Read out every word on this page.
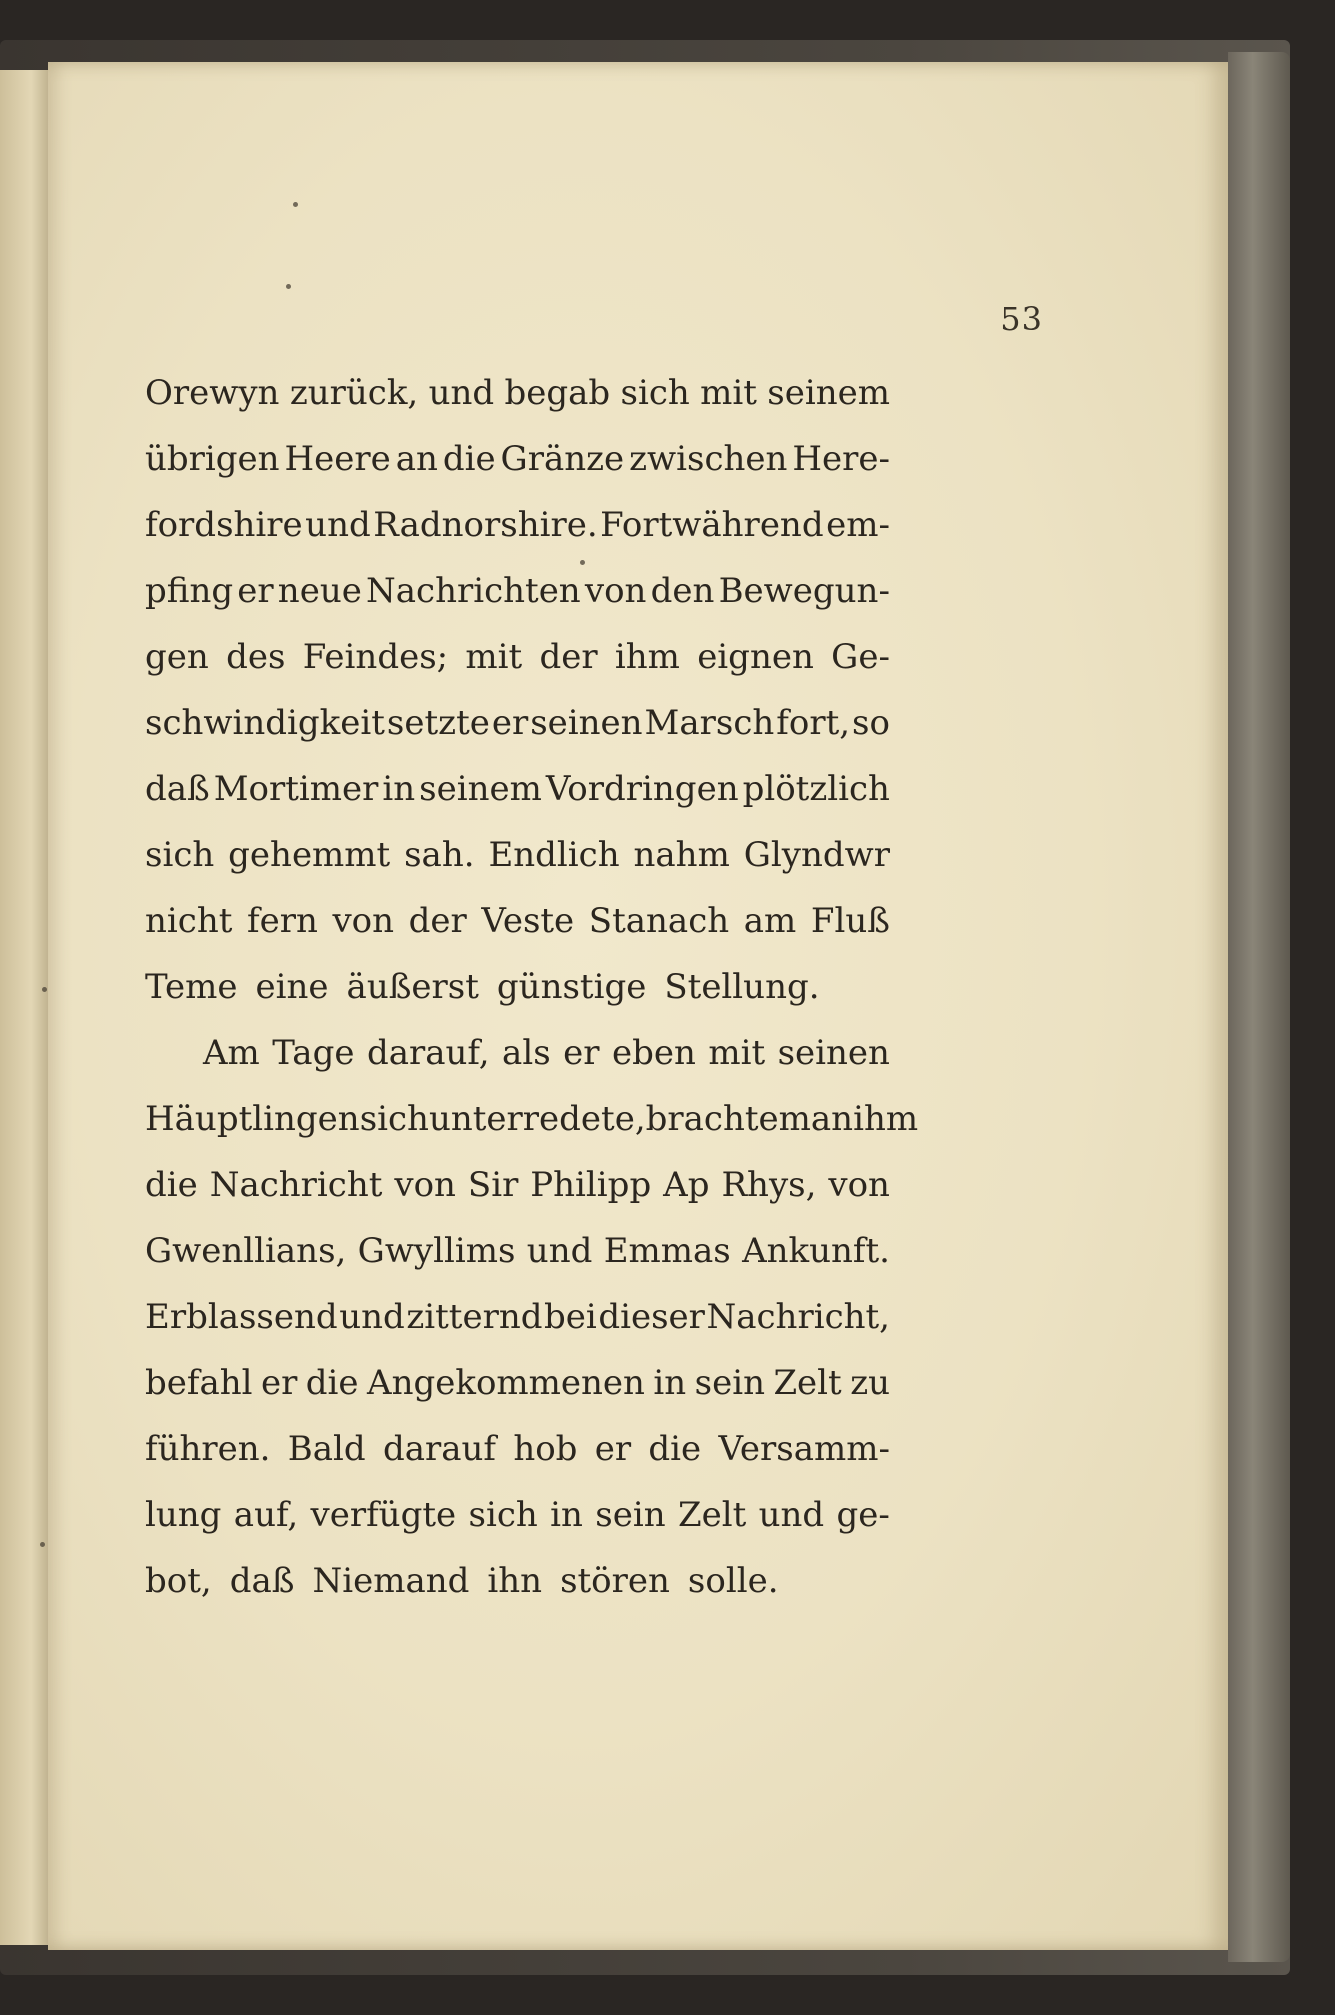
53
Orewyn zurück, und begab sich mit seinem
übrigen Heere an die Gränze zwischen Here-
fordshire und Radnorshire. Fortwährend em-
pfing er neue Nachrichten von den Bewegun-
gen des Feindes; mit der ihm eignen Ge-
schwindigkeit setzte er seinen Marsch fort, so
daß Mortimer in seinem Vordringen plötzlich
sich gehemmt sah. Endlich nahm Glyndwr
nicht fern von der Veste Stanach am Fluß
Teme eine äußerst günstige Stellung.
Am Tage darauf, als er eben mit seinen
Häuptlingen sich unterredete, brachte man ihm
die Nachricht von Sir Philipp Ap Rhys, von
Gwenllians, Gwyllims und Emmas Ankunft.
Erblassend und zitternd bei dieser Nachricht,
befahl er die Angekommenen in sein Zelt zu
führen. Bald darauf hob er die Versamm-
lung auf, verfügte sich in sein Zelt und ge-
bot, daß Niemand ihn stören solle.
